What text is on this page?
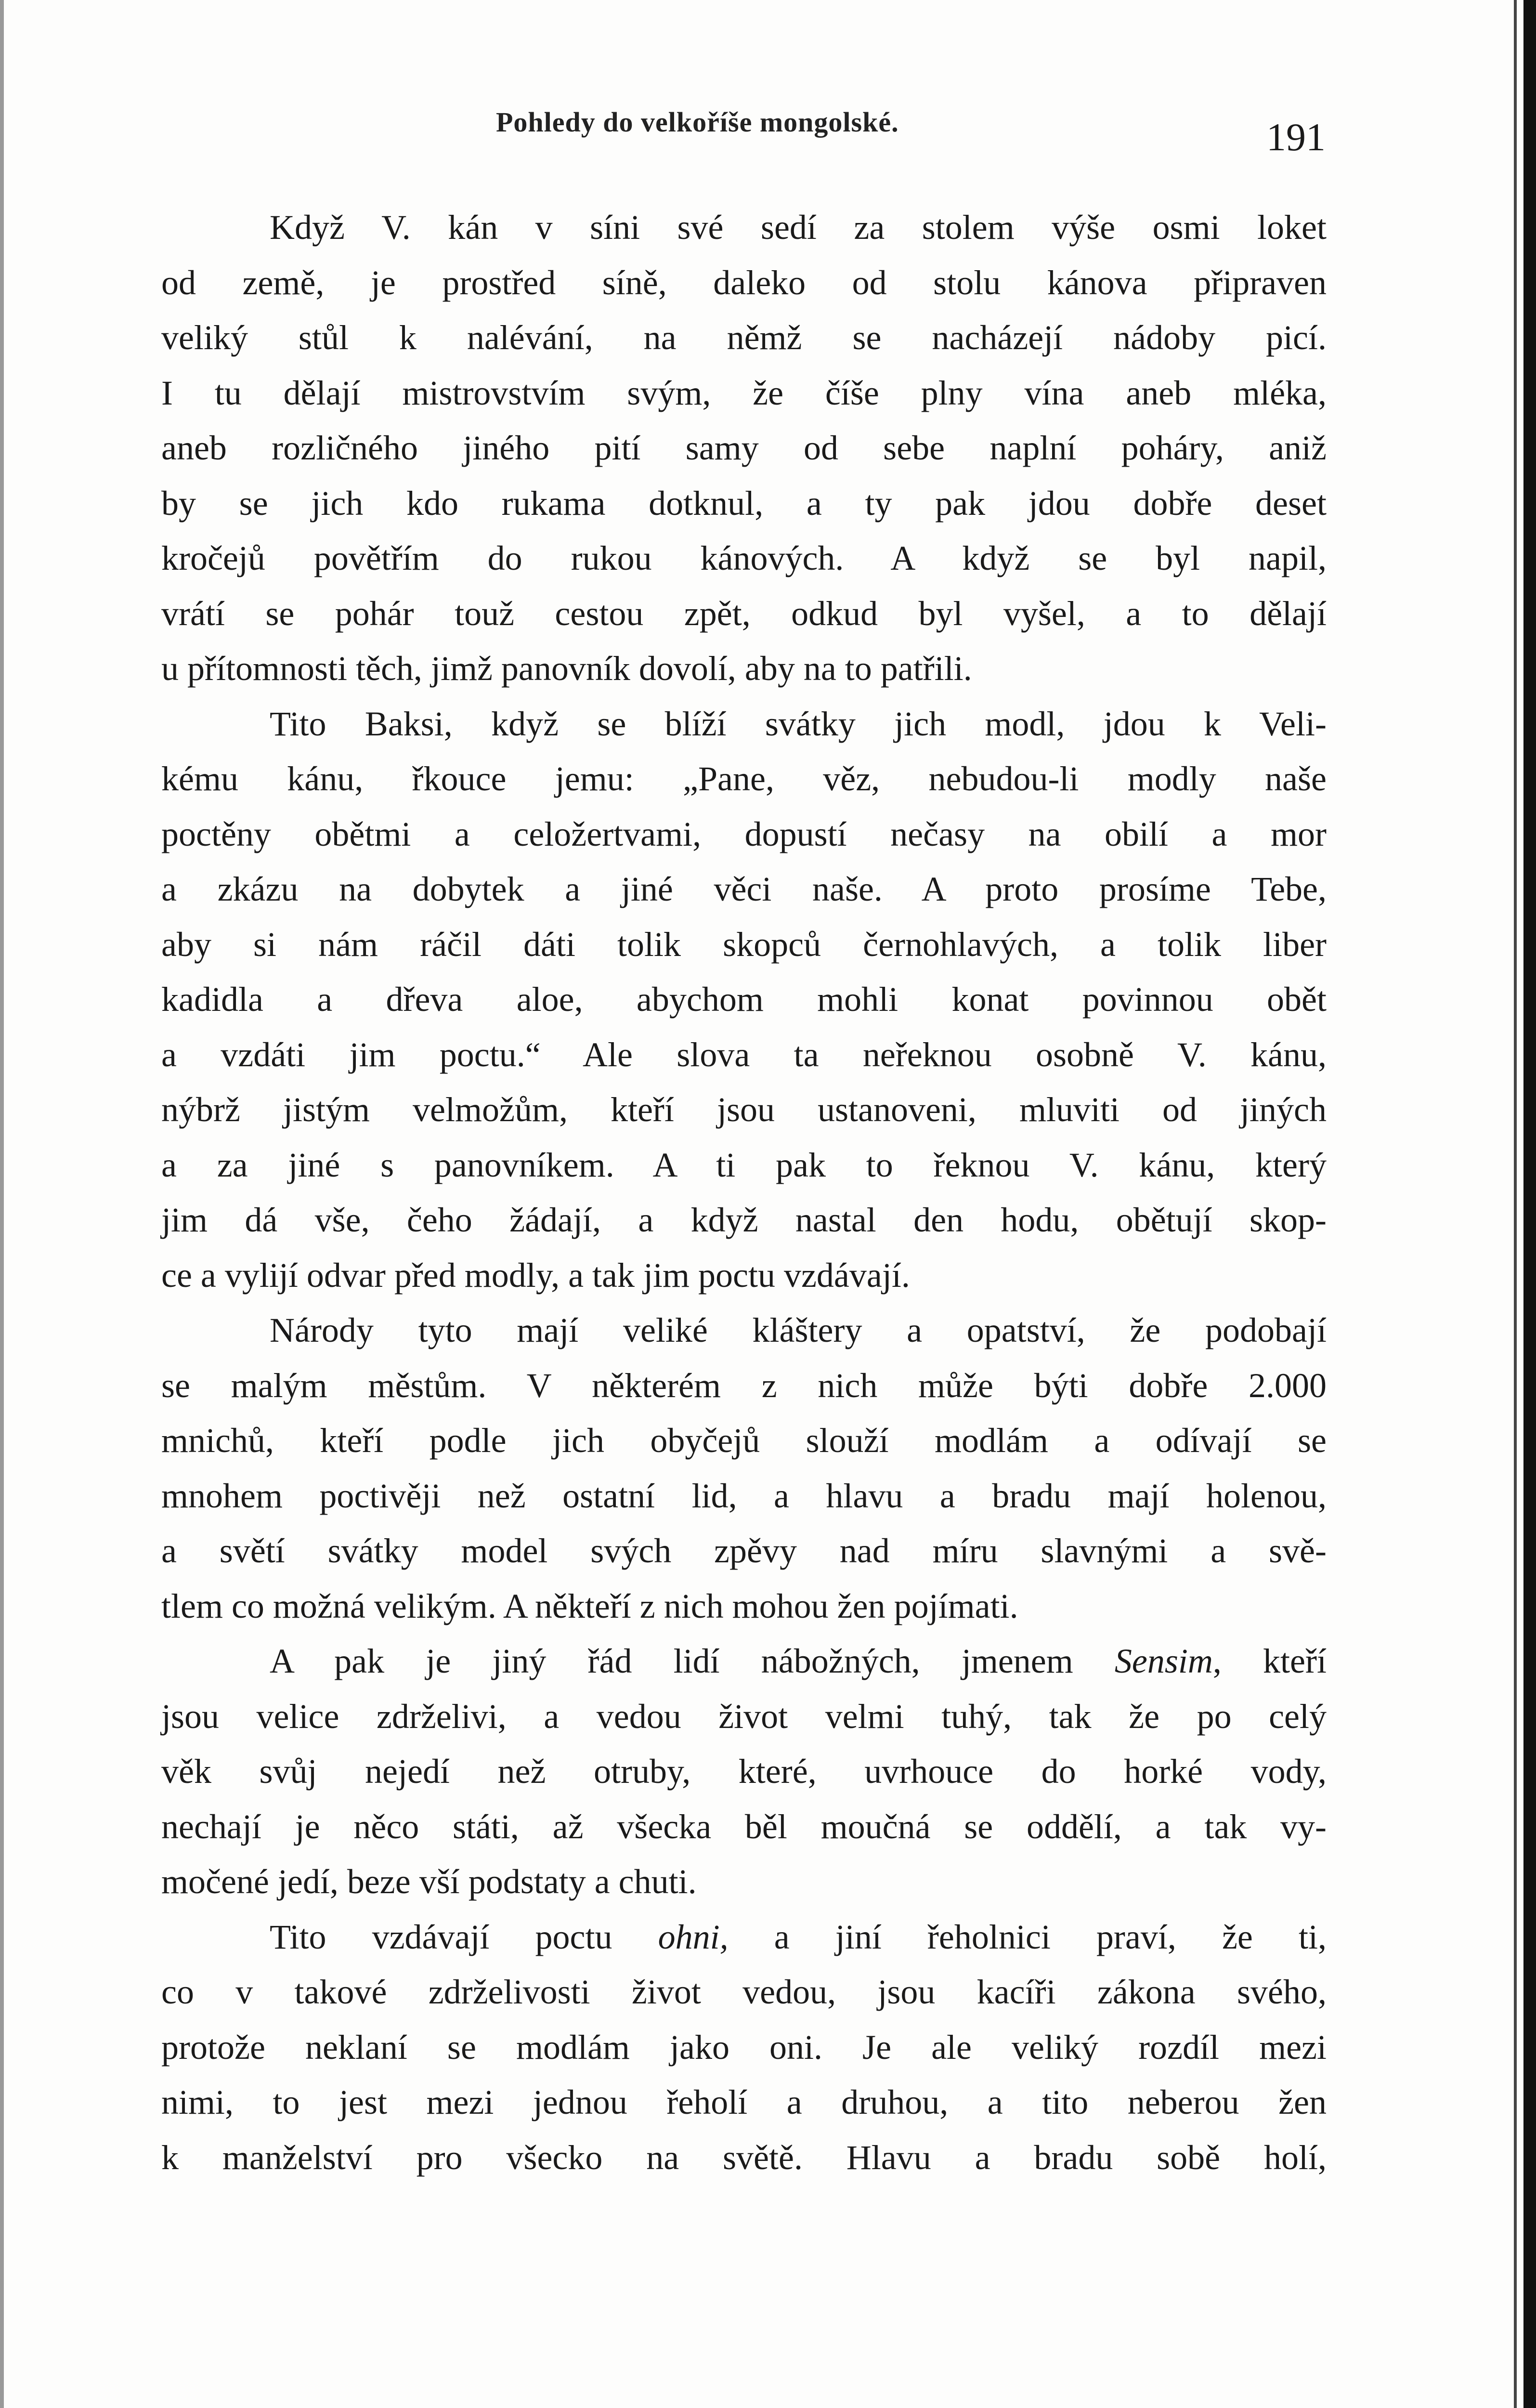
Pohledy do velkoříše mongolské.	191
Když V. kán v síni své sedí za stolem výše osmi loket
od země, je prostřed síně, daleko od stolu kánova připraven
veliký stůl k nalévání, na němž se nacházejí nádoby picí.
I tu dělají mistrovstvím svým, že číše plny vína aneb mléka,
aneb rozličného jiného pití samy od sebe naplní poháry, aniž
by se jich kdo rukama dotknul, a ty pak jdou dobře deset
kročejů povětřím do rukou kánových. A když se byl napil,
vrátí se pohár touž cestou zpět, odkud byl vyšel, a to dělají
u přítomnosti těch, jimž panovník dovolí, aby na to patřili.
Tito Baksi, když se blíží svátky jich modl, jdou k Veli-
kému kánu, řkouce jemu: „Pane, věz, nebudou-li modly naše
poctěny obětmi a celožertvami, dopustí nečasy na obilí a mor
a zkázu na dobytek a jiné věci naše. A proto prosíme Tebe,
aby si nám ráčil dáti tolik skopců černohlavých, a tolik liber
kadidla a dřeva aloe, abychom mohli konat povinnou obět
a vzdáti jim poctu.“ Ale slova ta neřeknou osobně V. kánu,
nýbrž jistým velmožům, kteří jsou ustanoveni, mluviti od jiných
a za jiné s panovníkem. A ti pak to řeknou V. kánu, který
jim dá vše, čeho žádají, a když nastal den hodu, obětují skop-
ce a vylijí odvar před modly, a tak jim poctu vzdávají.
Národy tyto mají veliké kláštery a opatství, že podobají
se malým městům. V některém z nich může býti dobře 2.000
mnichů, kteří podle jich obyčejů slouží modlám a odívají se
mnohem poctivěji než ostatní lid, a hlavu a bradu mají holenou,
a světí svátky model svých zpěvy nad míru slavnými a svě-
tlem co možná velikým. A někteří z nich mohou žen pojímati.
A pak je jiný řád lidí nábožných, jmenem Sensim, kteří
jsou velice zdrželivi, a vedou život velmi tuhý, tak že po celý
věk svůj nejedí než otruby, které, uvrhouce do horké vody,
nechají je něco státi, až všecka běl moučná se oddělí, a tak vy-
močené jedí, beze vší podstaty a chuti.
Tito vzdávají poctu ohni, a jiní řeholnici praví, že ti,
co v takové zdrželivosti život vedou, jsou kacíři zákona svého,
protože neklaní se modlám jako oni. Je ale veliký rozdíl mezi
nimi, to jest mezi jednou řeholí a druhou, a tito neberou žen
k manželství pro všecko na světě. Hlavu a bradu sobě holí,
